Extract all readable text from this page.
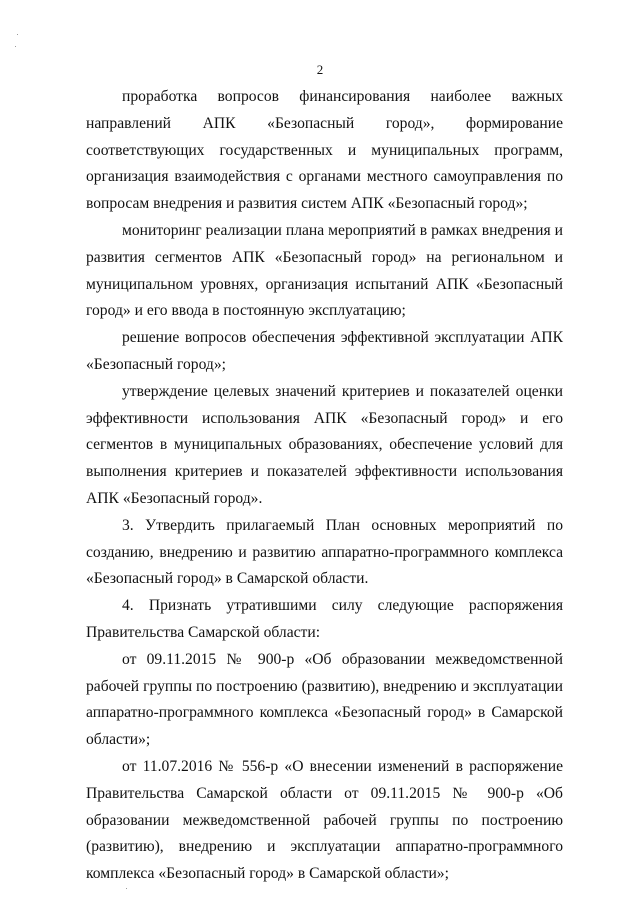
2

проработка вопросов финансирования наиболее важных направлений АПК «Безопасный город», формирование соответствующих государственных и муниципальных программ, организация взаимодействия с органами местного самоуправления по вопросам внедрения и развития систем АПК «Безопасный город»;

мониторинг реализации плана мероприятий в рамках внедрения и развития сегментов АПК «Безопасный город» на региональном и муниципальном уровнях, организация испытаний АПК «Безопасный город» и его ввода в постоянную эксплуатацию;

решение вопросов обеспечения эффективной эксплуатации АПК «Безопасный город»;

утверждение целевых значений критериев и показателей оценки эффективности использования АПК «Безопасный город» и его сегментов в муниципальных образованиях, обеспечение условий для выполнения критериев и показателей эффективности использования АПК «Безопасный город».

3. Утвердить прилагаемый План основных мероприятий по созданию, внедрению и развитию аппаратно-программного комплекса «Безопасный город» в Самарской области.

4. Признать утратившими силу следующие распоряжения Правительства Самарской области:

от 09.11.2015 № 900-р «Об образовании межведомственной рабочей группы по построению (развитию), внедрению и эксплуатации аппаратно-программного комплекса «Безопасный город» в Самарской области»;

от 11.07.2016 № 556-р «О внесении изменений в распоряжение Правительства Самарской области от 09.11.2015 № 900-р «Об образовании межведомственной рабочей группы по построению (развитию), внедрению и эксплуатации аппаратно-программного комплекса «Безопасный город» в Самарской области»;
